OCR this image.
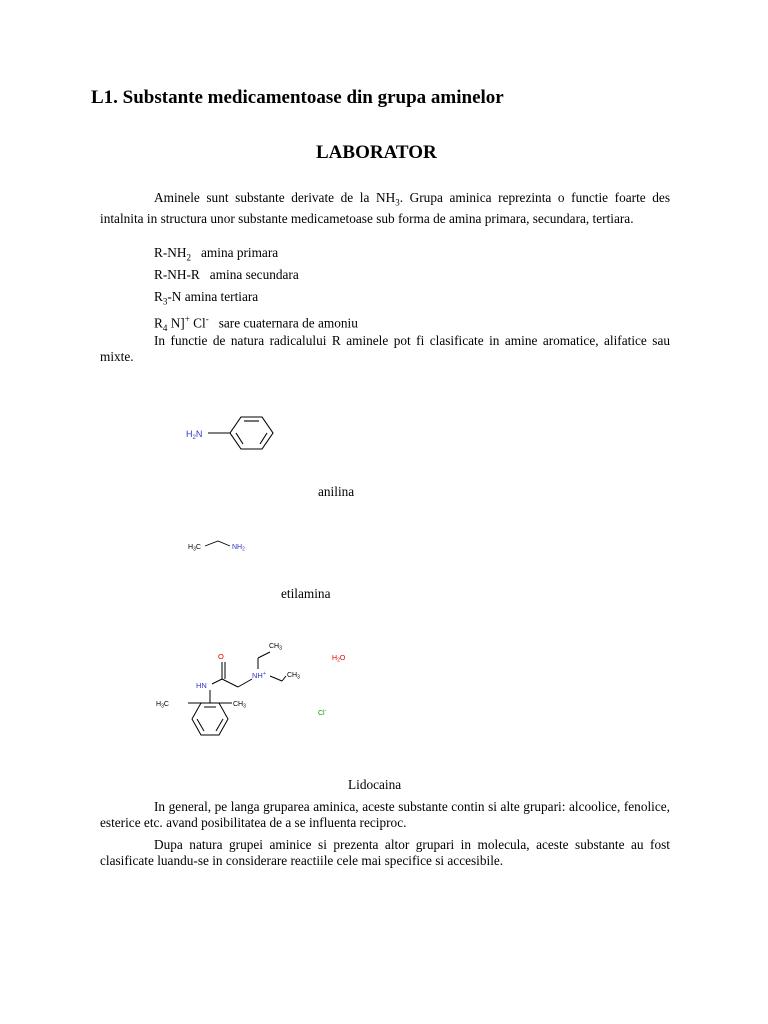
L1. Substante medicamentoase din grupa aminelor
LABORATOR

Aminele sunt substante derivate de la $NH_3$. Grupa aminica reprezinta o functie foarte des intalnita in structura unor substante medicametoase sub forma de amina primara, secundara, tertiara.

$R-NH_2$ amina primara

R-NH-R amina secundara

$R_3-N$ amina tertiara

$R_4$ N]+ Cl- sare cuaternara de amoniu

In functie de natura radicalului R aminele pot fi clasificate in amine aromatice, alifatice sau mixte.

$H_2N$

anilina

$H_3C$	$NH_2$

etilamina

O
HN
NH+
$CH_3$
$CH_3$
$H_3C$	$CH_3$
$H_2O$
Cl-

Lidocaina

In general, pe langa gruparea aminica, aceste substante contin si alte grupari: alcoolice, fenolice, esterice etc. avand posibilitatea de a se influenta reciproc.

Dupa natura grupei aminice si prezenta altor grupari in molecula, aceste substante au fost clasificate luandu-se in considerare reactiile cele mai specifice si accesibile.
